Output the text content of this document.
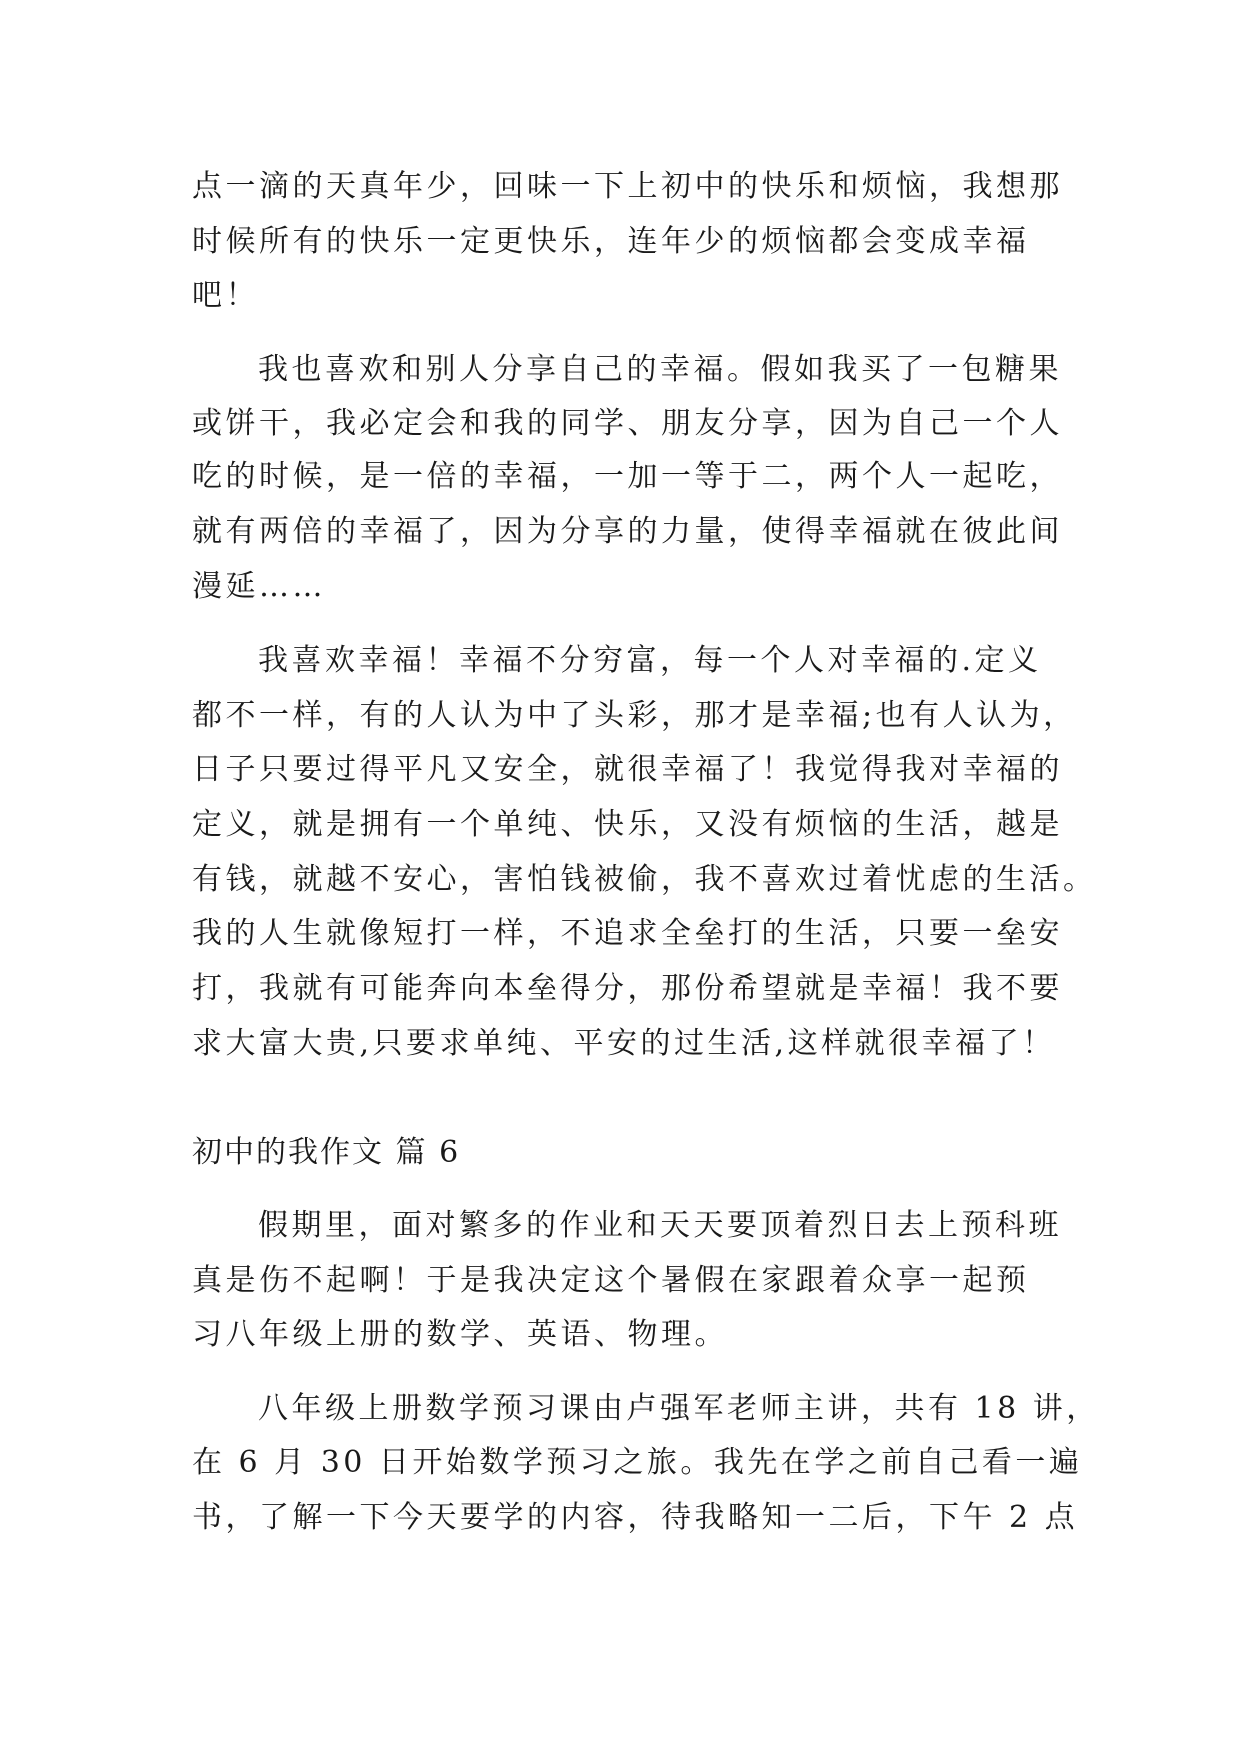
点一滴的天真年少，回味一下上初中的快乐和烦恼，我想那
时候所有的快乐一定更快乐，连年少的烦恼都会变成幸福
吧！
我也喜欢和别人分享自己的幸福。假如我买了一包糖果
或饼干，我必定会和我的同学、朋友分享，因为自己一个人
吃的时候，是一倍的幸福，一加一等于二，两个人一起吃，
就有两倍的幸福了，因为分享的力量，使得幸福就在彼此间
漫延……
我喜欢幸福！幸福不分穷富，每一个人对幸福的.定义
都不一样，有的人认为中了头彩，那才是幸福;也有人认为，
日子只要过得平凡又安全，就很幸福了！我觉得我对幸福的
定义，就是拥有一个单纯、快乐，又没有烦恼的生活，越是
有钱，就越不安心，害怕钱被偷，我不喜欢过着忧虑的生活。
我的人生就像短打一样，不追求全垒打的生活，只要一垒安
打，我就有可能奔向本垒得分，那份希望就是幸福！我不要
求大富大贵,只要求单纯、平安的过生活,这样就很幸福了！
初中的我作文 篇 6
假期里，面对繁多的作业和天天要顶着烈日去上预科班
真是伤不起啊！于是我决定这个暑假在家跟着众享一起预
习八年级上册的数学、英语、物理。
八年级上册数学预习课由卢强军老师主讲，共有 18 讲，
在 6 月 30 日开始数学预习之旅。我先在学之前自己看一遍
书，了解一下今天要学的内容，待我略知一二后，下午 2 点
